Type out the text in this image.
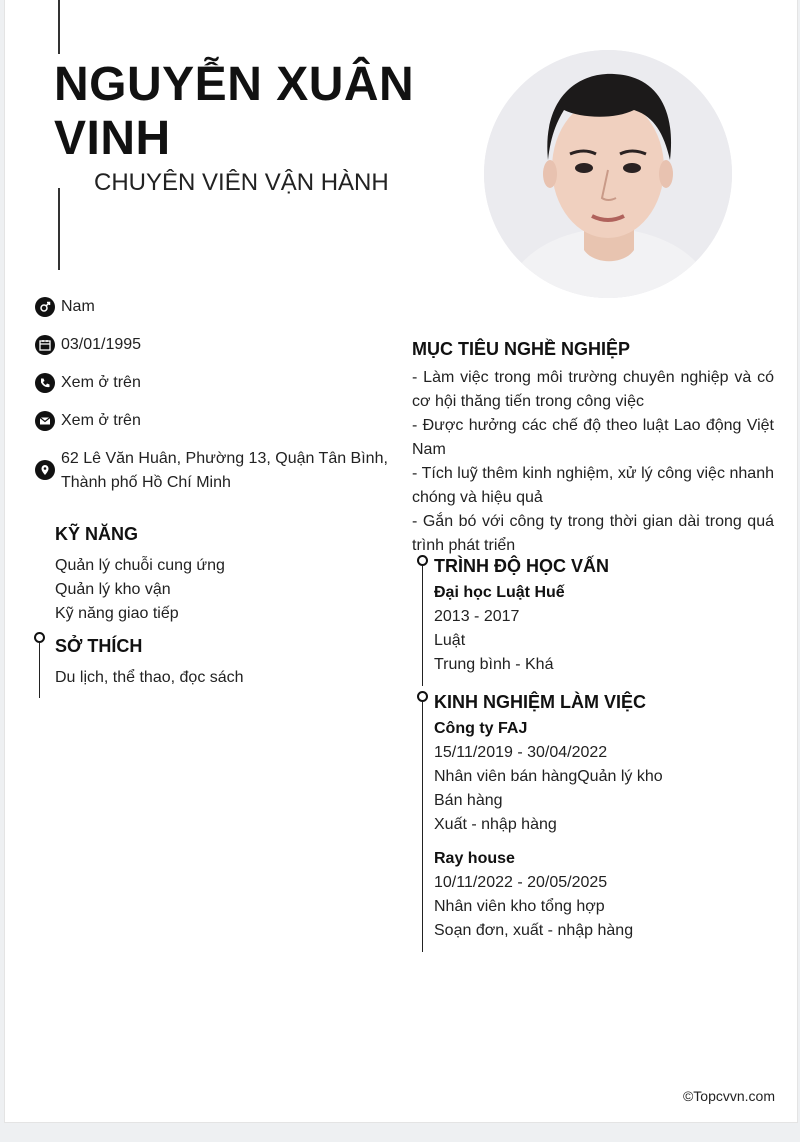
NGUYỄN XUÂN
VINH
CHUYÊN VIÊN VẬN HÀNH
Nam
03/01/1995
Xem ở trên
Xem ở trên
62 Lê Văn Huân, Phường 13, Quận Tân Bình,
Thành phố Hồ Chí Minh
KỸ NĂNG
Quản lý chuỗi cung ứng
Quản lý kho vận
Kỹ năng giao tiếp
SỞ THÍCH
Du lịch, thể thao, đọc sách
MỤC TIÊU NGHỀ NGHIỆP
- Làm việc trong môi trường chuyên nghiệp và có cơ hội thăng tiến trong công việc
- Được hưởng các chế độ theo luật Lao động Việt Nam
- Tích luỹ thêm kinh nghiệm, xử lý công việc nhanh chóng và hiệu quả
- Gắn bó với công ty trong thời gian dài trong quá trình phát triển
TRÌNH ĐỘ HỌC VẤN
Đại học Luật Huế
2013 - 2017
Luật
Trung bình - Khá
KINH NGHIỆM LÀM VIỆC
Công ty FAJ
15/11/2019 - 30/04/2022
Nhân viên bán hàngQuản lý kho
Bán hàng
Xuất - nhập hàng
Ray house
10/11/2022 - 20/05/2025
Nhân viên kho tổng hợp
Soạn đơn, xuất - nhập hàng
©Topcvvn.com
